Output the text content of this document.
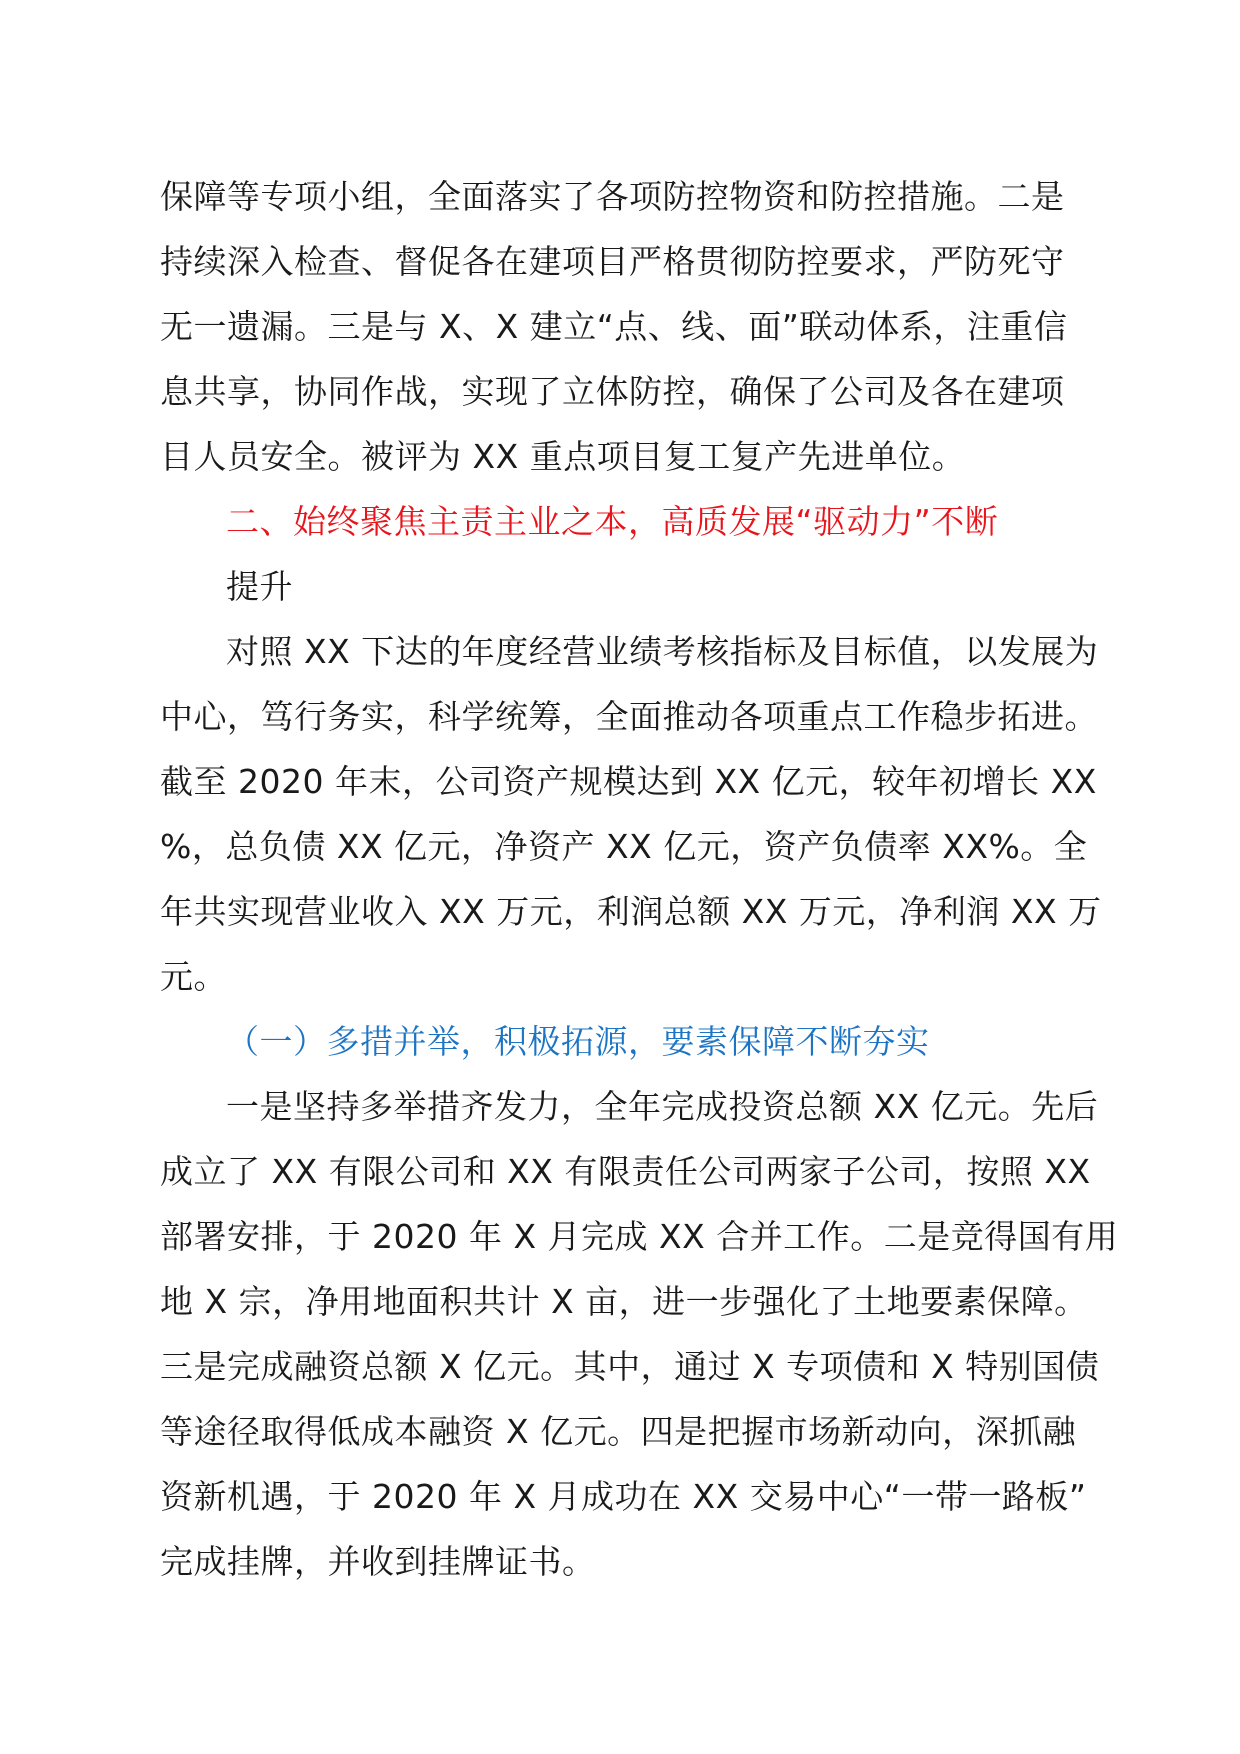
保障等专项小组，全面落实了各项防控物资和防控措施。二是
持续深入检查、督促各在建项目严格贯彻防控要求，严防死守
无一遗漏。三是与 X、X 建立“点、线、面”联动体系，注重信
息共享，协同作战，实现了立体防控，确保了公司及各在建项
目人员安全。被评为 XX 重点项目复工复产先进单位。
二、始终聚焦主责主业之本，高质发展“驱动力”不断
提升
对照 XX 下达的年度经营业绩考核指标及目标值，以发展为
中心，笃行务实，科学统筹，全面推动各项重点工作稳步拓进。
截至 2020 年末，公司资产规模达到 XX 亿元，较年初增长 XX
%，总负债 XX 亿元，净资产 XX 亿元，资产负债率 XX%。全
年共实现营业收入 XX 万元，利润总额 XX 万元，净利润 XX 万
元。
（一）多措并举，积极拓源，要素保障不断夯实
一是坚持多举措齐发力，全年完成投资总额 XX 亿元。先后
成立了 XX 有限公司和 XX 有限责任公司两家子公司，按照 XX
部署安排，于 2020 年 X 月完成 XX 合并工作。二是竞得国有用
地 X 宗，净用地面积共计 X 亩，进一步强化了土地要素保障。
三是完成融资总额 X 亿元。其中，通过 X 专项债和 X 特别国债
等途径取得低成本融资 X 亿元。四是把握市场新动向，深抓融
资新机遇，于 2020 年 X 月成功在 XX 交易中心“一带一路板”
完成挂牌，并收到挂牌证书。
